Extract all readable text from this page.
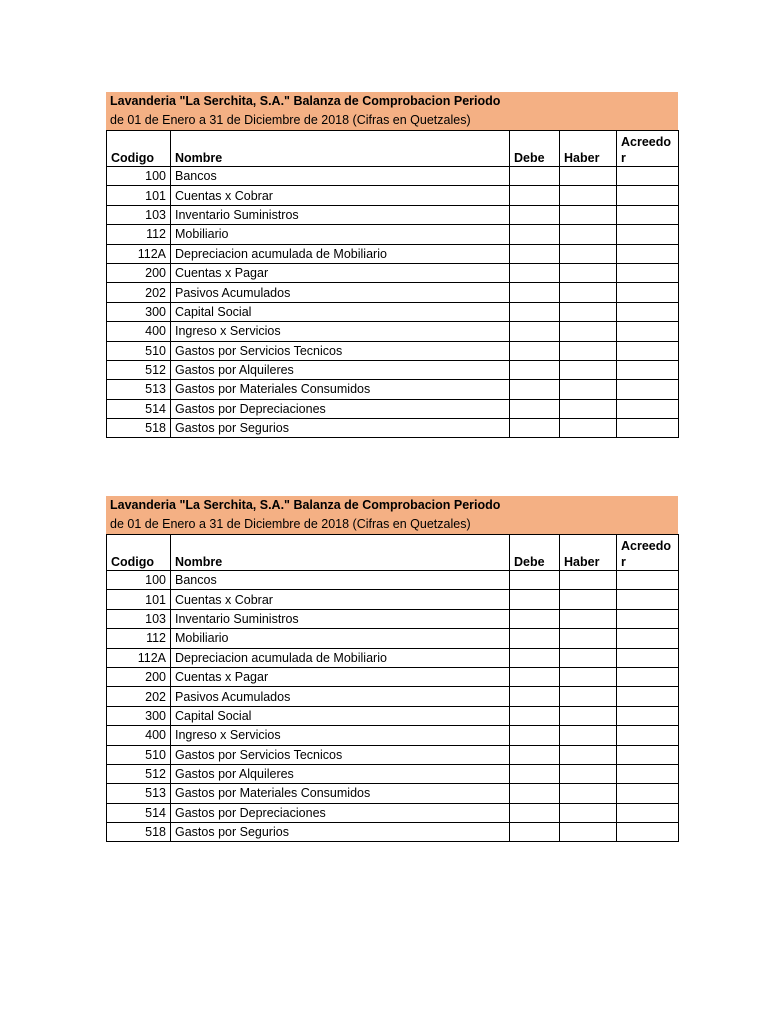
Lavanderia "La Serchita, S.A." Balanza de Comprobacion Periodo
de 01 de Enero a 31 de Diciembre de 2018 (Cifras en Quetzales)
Codigo	Nombre	Debe	Haber	Acreedor
100	Bancos			
101	Cuentas x Cobrar			
103	Inventario Suministros			
112	Mobiliario			
112A	Depreciacion acumulada de Mobiliario			
200	Cuentas x Pagar			
202	Pasivos Acumulados			
300	Capital Social			
400	Ingreso x Servicios			
510	Gastos por Servicios Tecnicos			
512	Gastos por Alquileres			
513	Gastos por Materiales Consumidos			
514	Gastos por Depreciaciones			
518	Gastos por Segurios			
Lavanderia "La Serchita, S.A." Balanza de Comprobacion Periodo
de 01 de Enero a 31 de Diciembre de 2018 (Cifras en Quetzales)
Codigo	Nombre	Debe	Haber	Acreedor
100	Bancos			
101	Cuentas x Cobrar			
103	Inventario Suministros			
112	Mobiliario			
112A	Depreciacion acumulada de Mobiliario			
200	Cuentas x Pagar			
202	Pasivos Acumulados			
300	Capital Social			
400	Ingreso x Servicios			
510	Gastos por Servicios Tecnicos			
512	Gastos por Alquileres			
513	Gastos por Materiales Consumidos			
514	Gastos por Depreciaciones			
518	Gastos por Segurios			
